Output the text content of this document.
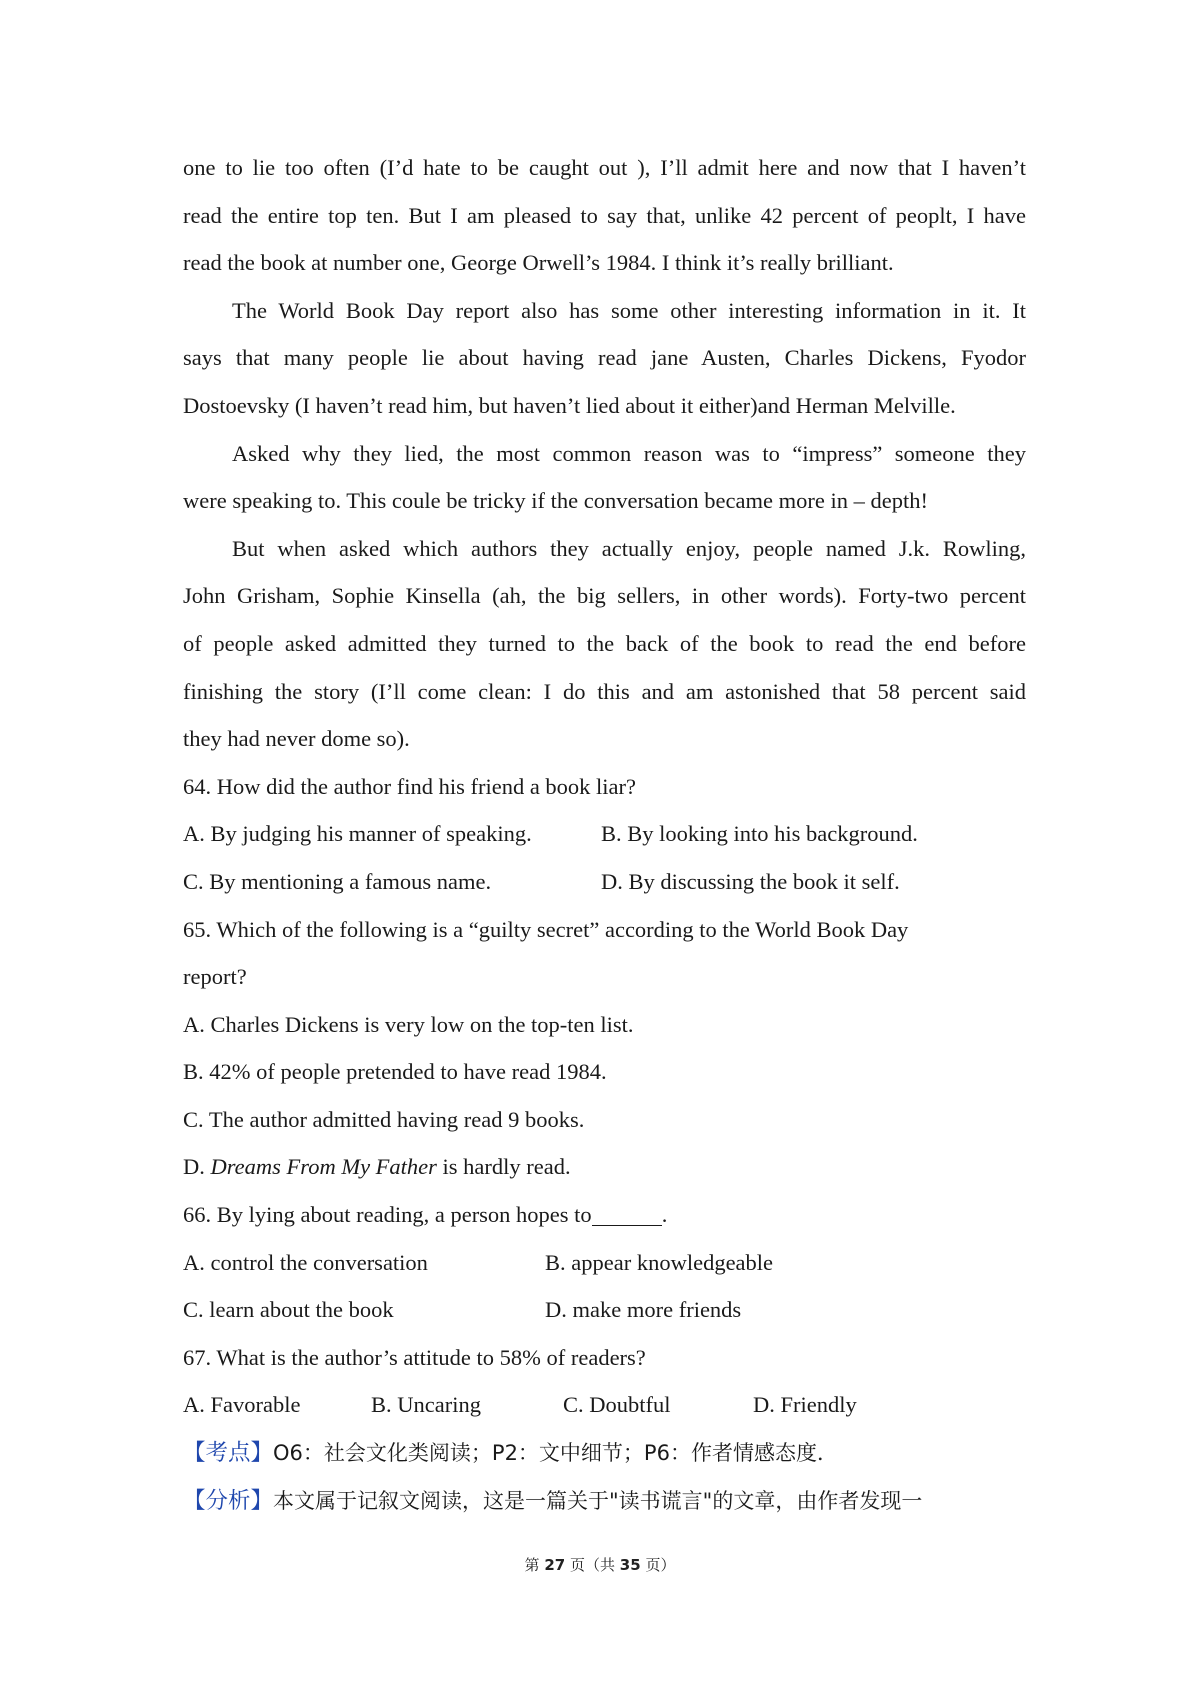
one to lie too often (I’d hate to be caught out ), I’ll admit here and now that I haven’t
read the entire top ten. But I am pleased to say that, unlike 42 percent of peoplt, I have
read the book at number one, George Orwell’s 1984. I think it’s really brilliant.
The World Book Day report also has some other interesting information in it. It
says that many people lie about having read jane Austen, Charles Dickens, Fyodor
Dostoevsky (I haven’t read him, but haven’t lied about it either)and Herman Melville.
Asked why they lied, the most common reason was to “impress” someone they
were speaking to. This coule be tricky if the conversation became more in – depth!
But when asked which authors they actually enjoy, people named J.k. Rowling,
John Grisham, Sophie Kinsella (ah, the big sellers, in other words). Forty-two percent
of people asked admitted they turned to the back of the book to read the end before
finishing the story (I’ll come clean: I do this and am astonished that 58 percent said
they had never dome so).
64. How did the author find his friend a book liar?
A. By judging his manner of speaking.	B. By looking into his background.
C. By mentioning a famous name.	D. By discussing the book it self.
65. Which of the following is a “guilty secret” according to the World Book Day
report?
A. Charles Dickens is very low on the top-ten list.
B. 42% of people pretended to have read 1984.
C. The author admitted having read 9 books.
D. Dreams From My Father is hardly read.
66. By lying about reading, a person hopes to	.
A. control the conversation	B. appear knowledgeable
C. learn about the book	D. make more friends
67. What is the author’s attitude to 58% of readers?
A. Favorable	B. Uncaring	C. Doubtful	D. Friendly
【考点】O6：社会文化类阅读；P2：文中细节；P6：作者情感态度．
【分析】本文属于记叙文阅读，这是一篇关于"读书谎言"的文章，由作者发现一
第 27 页（共 35 页）
